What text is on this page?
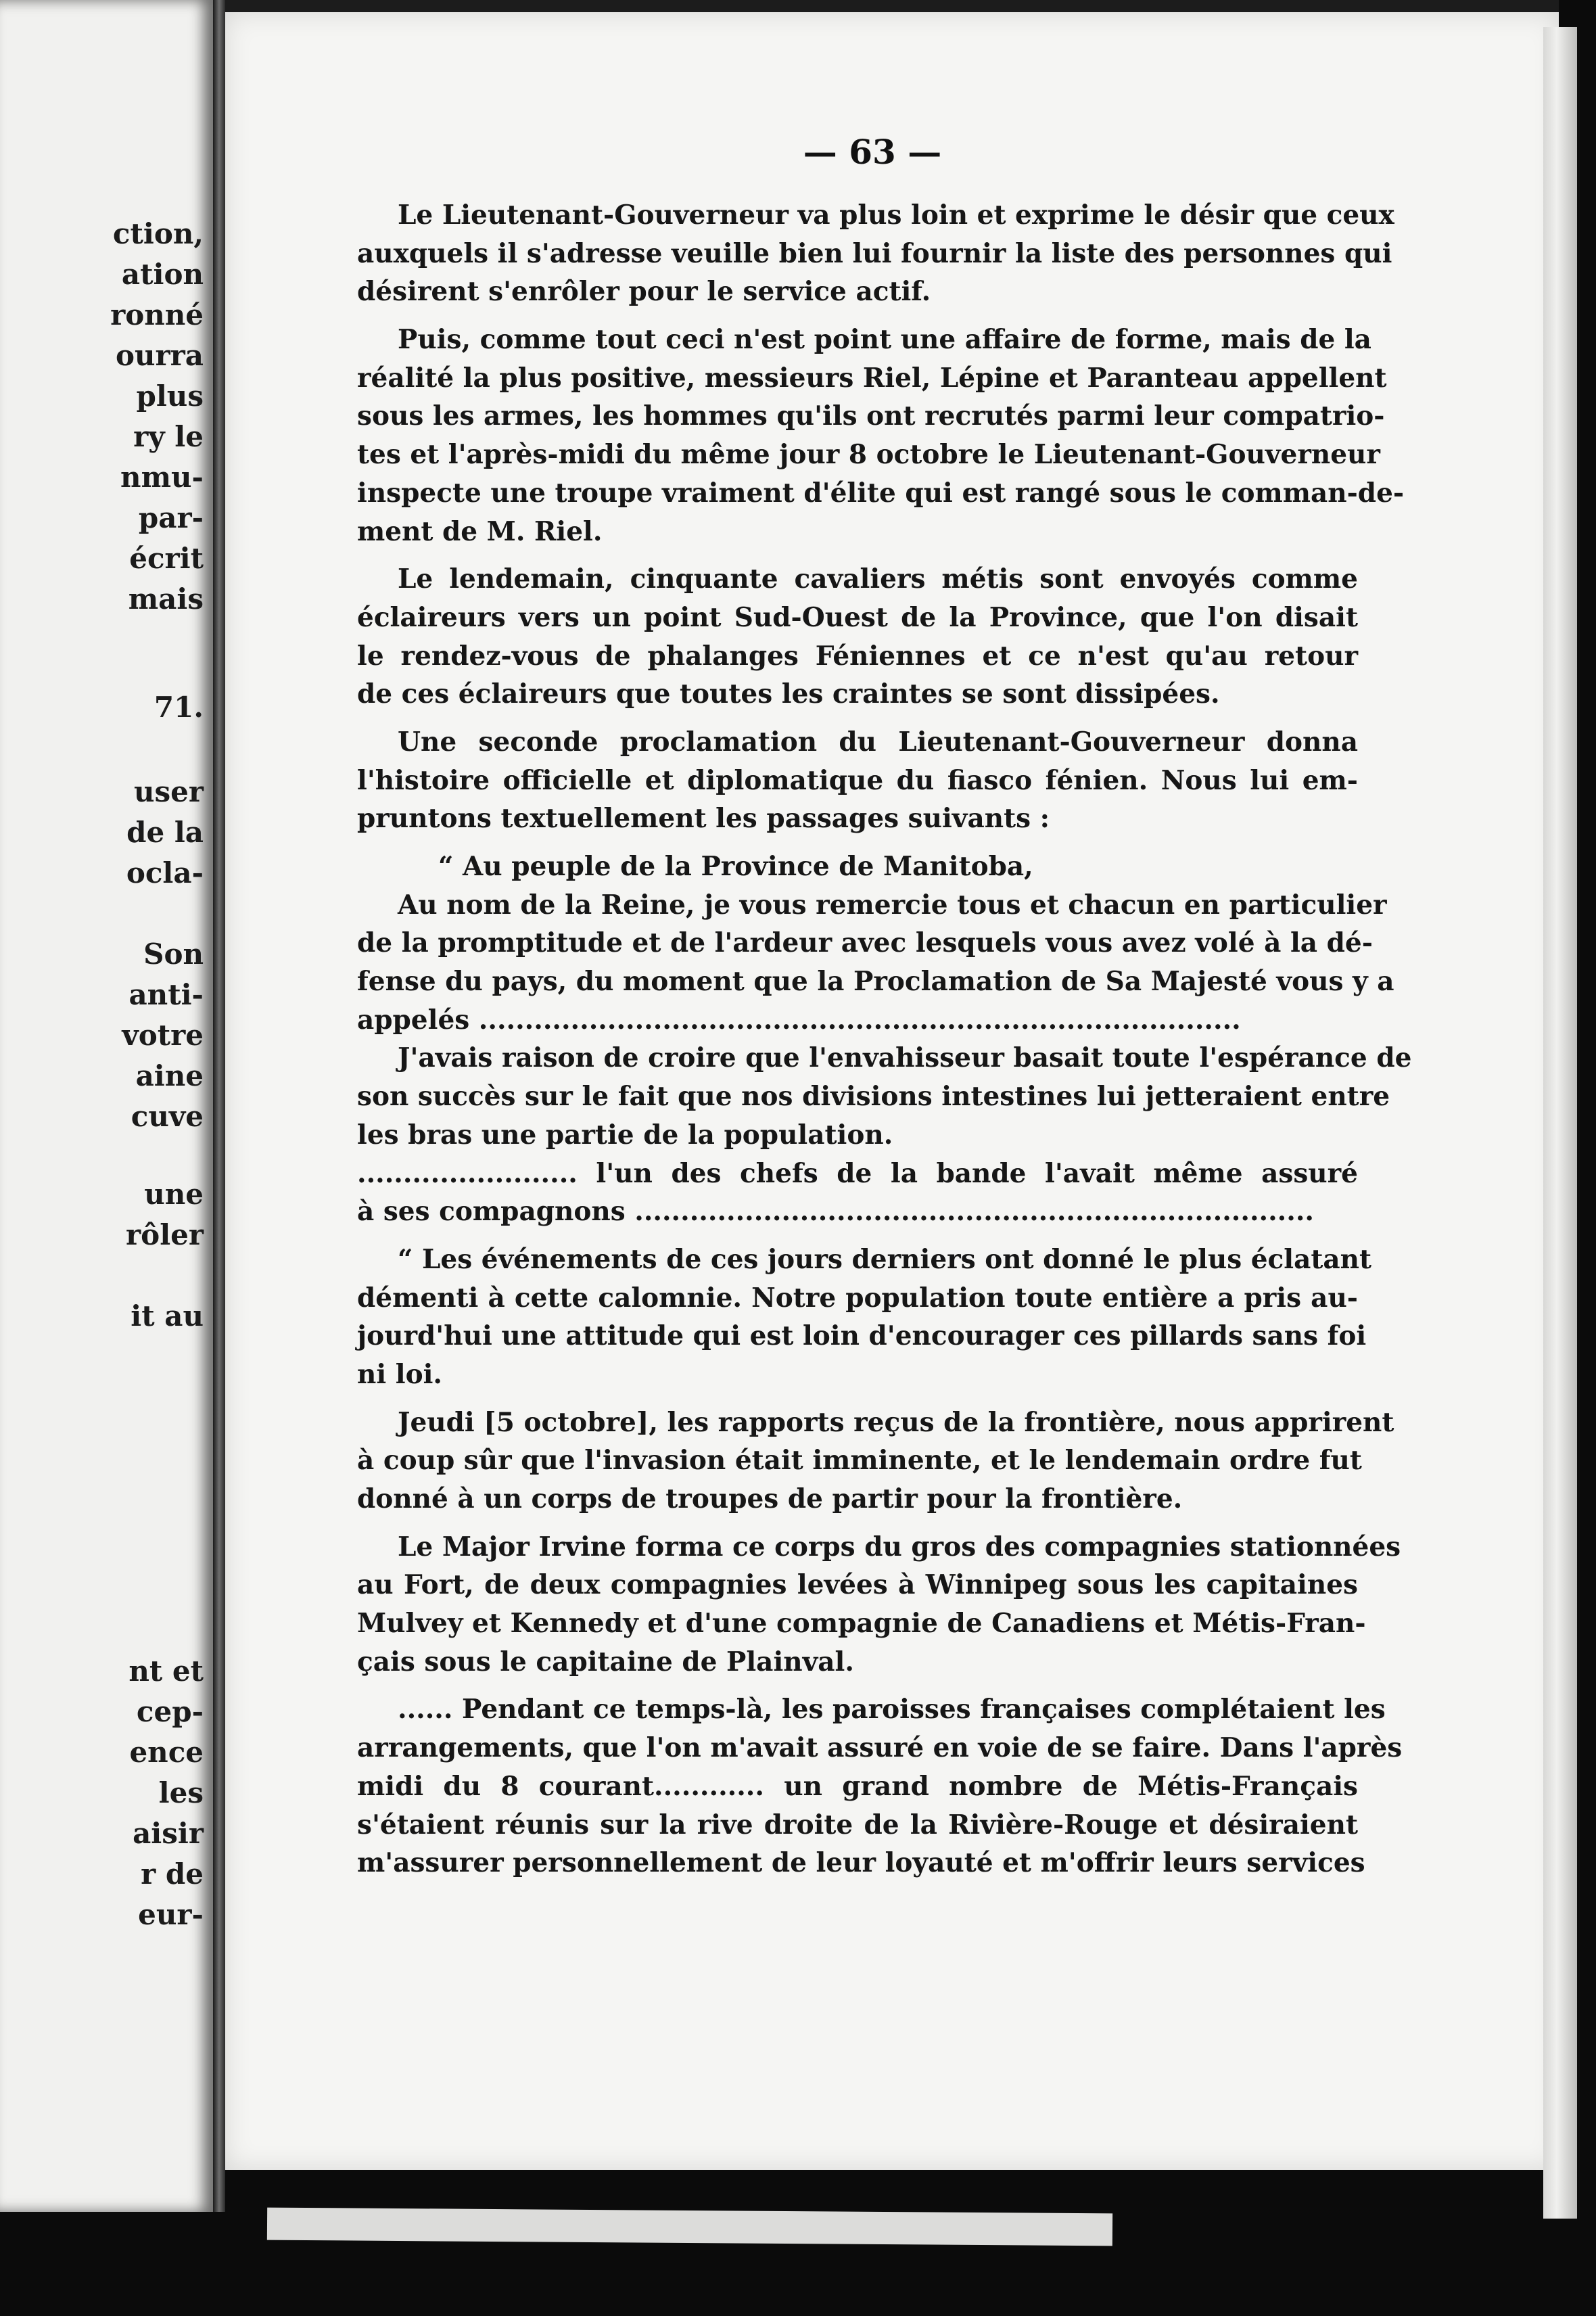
ction,

ation

ronné

ourra

plus

ry le

nmu-

par-

écrit

mais

71.

user

de la

ocla-

Son

anti-

votre

aine

cuve

une

rôler

it au

nt et

cep-

ence

les

aisir

r de

eur-

— 63 —
Le Lieutenant-Gouverneur va plus loin et exprime le désir que ceux
auxquels il s'adresse veuille bien lui fournir la liste des personnes qui
désirent s'enrôler pour le service actif.
Puis, comme tout ceci n'est point une affaire de forme, mais de la
réalité la plus positive, messieurs Riel, Lépine et Paranteau appellent
sous les armes, les hommes qu'ils ont recrutés parmi leur compatrio-
tes et l'après-midi du même jour 8 octobre le Lieutenant-Gouverneur
inspecte une troupe vraiment d'élite qui est rangé sous le comman-de-
ment de M. Riel.
Le lendemain, cinquante cavaliers métis sont envoyés comme
éclaireurs vers un point Sud-Ouest de la Province, que l'on disait
le rendez-vous de phalanges Féniennes et ce n'est qu'au retour
de ces éclaireurs que toutes les craintes se sont dissipées.
Une seconde proclamation du Lieutenant-Gouverneur donna
l'histoire officielle et diplomatique du fiasco fénien. Nous lui em-
pruntons textuellement les passages suivants :
“ Au peuple de la Province de Manitoba,
Au nom de la Reine, je vous remercie tous et chacun en particulier
de la promptitude et de l'ardeur avec lesquels vous avez volé à la dé-
fense du pays, du moment que la Proclamation de Sa Majesté vous y a
appelés ...................................................................................
J'avais raison de croire que l'envahisseur basait toute l'espérance de
son succès sur le fait que nos divisions intestines lui jetteraient entre
les bras une partie de la population.
........................ l'un des chefs de la bande l'avait même assuré
à ses compagnons ..........................................................................
“ Les événements de ces jours derniers ont donné le plus éclatant
démenti à cette calomnie. Notre population toute entière a pris au-
jourd'hui une attitude qui est loin d'encourager ces pillards sans foi
ni loi.
Jeudi [5 octobre], les rapports reçus de la frontière, nous apprirent
à coup sûr que l'invasion était imminente, et le lendemain ordre fut
donné à un corps de troupes de partir pour la frontière.
Le Major Irvine forma ce corps du gros des compagnies stationnées
au Fort, de deux compagnies levées à Winnipeg sous les capitaines
Mulvey et Kennedy et d'une compagnie de Canadiens et Métis-Fran-
çais sous le capitaine de Plainval.
...... Pendant ce temps-là, les paroisses françaises complétaient les
arrangements, que l'on m'avait assuré en voie de se faire. Dans l'après
midi du 8 courant............ un grand nombre de Métis-Français
s'étaient réunis sur la rive droite de la Rivière-Rouge et désiraient
m'assurer personnellement de leur loyauté et m'offrir leurs services
